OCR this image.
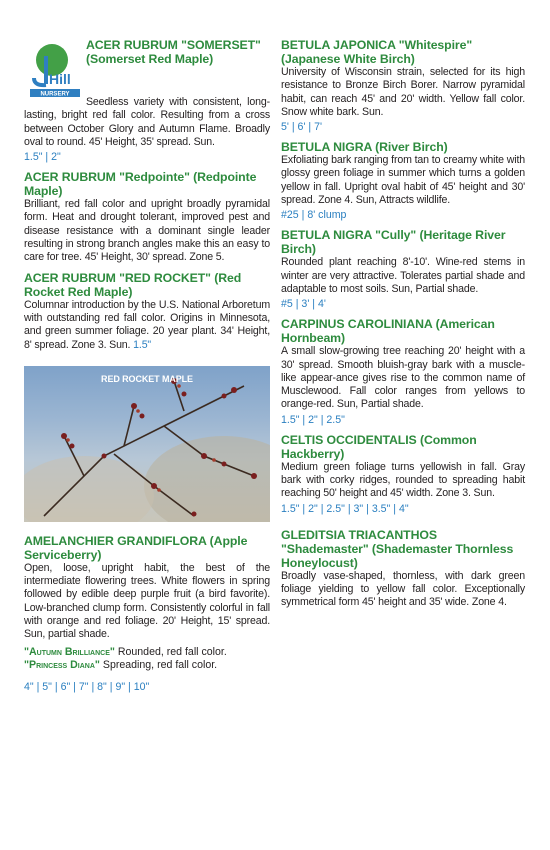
Hill
NURSERY
ACER RUBRUM "SOMERSET" (Somerset Red Maple)
Seedless variety with consistent, long-lasting, bright red fall color. Resulting from a cross between October Glory and Autumn Flame. Broadly oval to round. 45' Height, 35' spread. Sun.
1.5" | 2"
ACER RUBRUM "Redpointe" (Redpointe Maple)
Brilliant, red fall color and upright broadly pyramidal form. Heat and drought tolerant, improved pest and disease resistance with a dominant single leader resulting in strong branch angles make this an easy to care for tree. 45' Height, 30' spread. Zone 5.
ACER RUBRUM "RED ROCKET" (Red Rocket Red Maple)
Columnar introduction by the U.S. National Arboretum with outstanding red fall color. Origins in Minnesota, and green summer foliage. 20 year plant. 34' Height, 8' spread. Zone 3. Sun. 1.5"
RED ROCKET MAPLE
AMELANCHIER GRANDIFLORA (Apple Serviceberry)
Open, loose, upright habit, the best of the intermediate flowering trees. White flowers in spring followed by edible deep purple fruit (a bird favorite). Low-branched clump form. Consistently colorful in fall with orange and red foliage. 20' Height, 15' spread. Sun, partial shade.
"Autumn Brilliance" Rounded, red fall color.
"Princess Diana" Spreading, red fall color.
4" | 5" | 6" | 7" | 8" | 9" | 10"
BETULA JAPONICA "Whitespire" (Japanese White Birch)
University of Wisconsin strain, selected for its high resistance to Bronze Birch Borer. Narrow pyramidal habit, can reach 45' and 20' width. Yellow fall color. Snow white bark. Sun.
5' | 6' | 7'
BETULA NIGRA (River Birch)
Exfoliating bark ranging from tan to creamy white with glossy green foliage in summer which turns a golden yellow in fall. Upright oval habit of 45' height and 30' spread. Zone 4. Sun, Attracts wildlife.
#25 | 8' clump
BETULA NIGRA "Cully" (Heritage River Birch)
Rounded plant reaching 8'-10'. Wine-red stems in winter are very attractive. Tolerates partial shade and adaptable to most soils. Sun, Partial shade.
#5 | 3' | 4'
CARPINUS CAROLINIANA (American Hornbeam)
A small slow-growing tree reaching 20' height with a 30' spread. Smooth bluish-gray bark with a muscle-like appear-ance gives rise to the common name of Musclewood. Fall color ranges from yellows to orange-red. Sun, Partial shade.
1.5" | 2" | 2.5"
CELTIS OCCIDENTALIS (Common Hackberry)
Medium green foliage turns yellowish in fall. Gray bark with corky ridges, rounded to spreading habit reaching 50' height and 45' width. Zone 3. Sun.
1.5" | 2" | 2.5" | 3" | 3.5" | 4"
GLEDITSIA TRIACANTHOS "Shademaster" (Shademaster Thornless Honeylocust)
Broadly vase-shaped, thornless, with dark green foliage yielding to yellow fall color. Exceptionally symmetrical form 45' height and 35' wide. Zone 4.
